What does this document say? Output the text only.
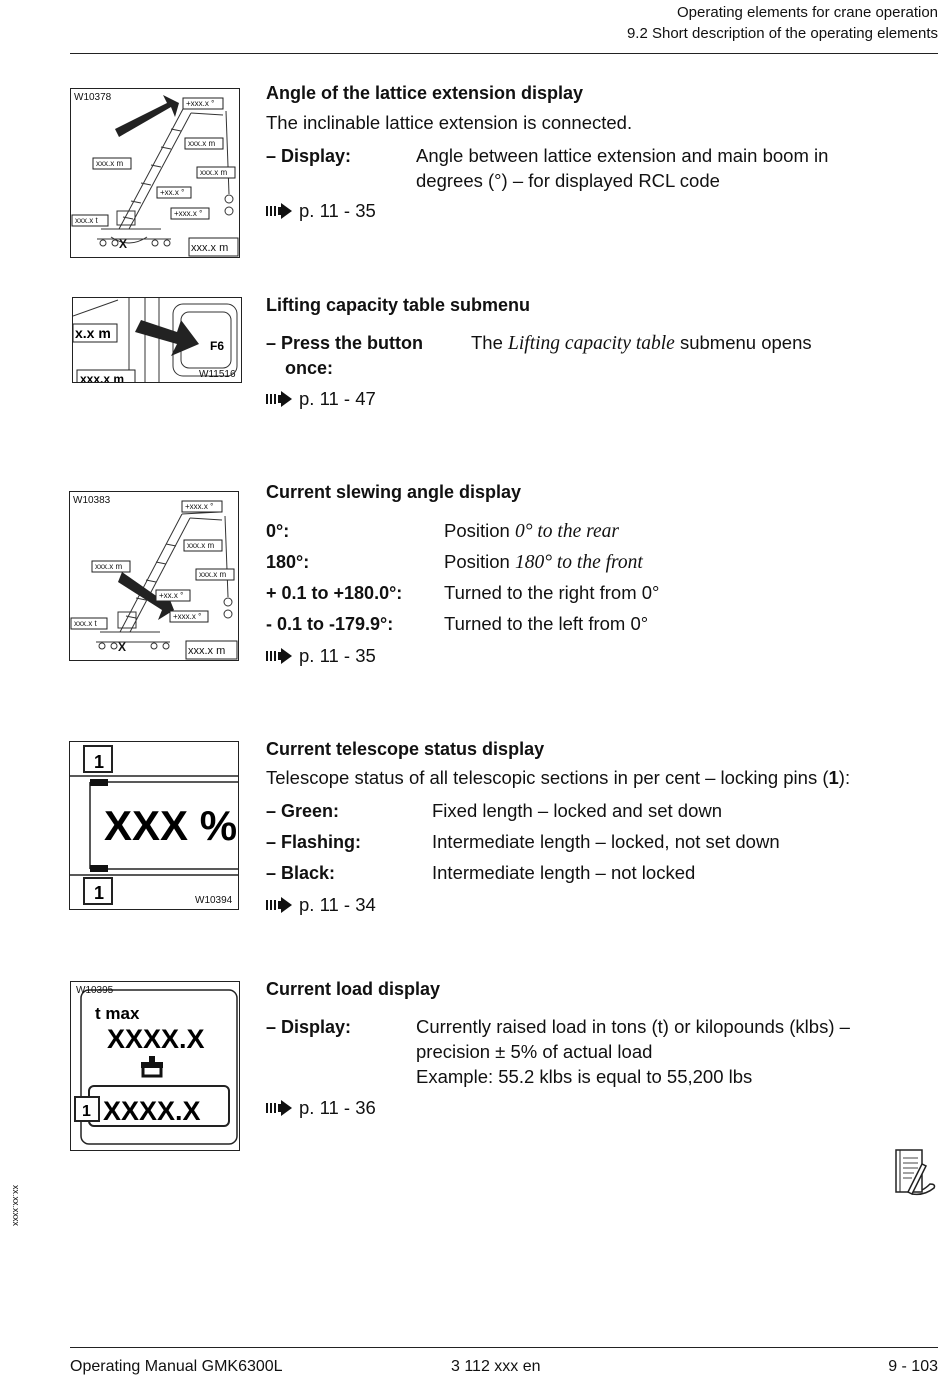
Operating elements for crane operation
9.2 Short description of the operating elements
+xxx.x °
xxx.x m
xxx.x m
xxx.x m
+xx.x °
+xxx.x °
xxx.x t
X	xxx.x m
W10378	Angle of the lattice extension display
The inclinable lattice extension is connected.
– Display:	Angle between lattice extension and main boom in
degrees (°) – for displayed RCL code
p. 11 - 35
x.x m
xxx.x m
F6
W11516
Lifting capacity table submenu
– Press the button
once:
The Lifting capacity table submenu opens
p. 11 - 47
+xxx.x °
xxx.x m
xxx.x m
xxx.x m
+xx.x °
+xxx.x °
xxx.x t
X	xxx.x m
W10383	Current slewing angle display
0°:	Position 0° to the rear
180°:	Position 180° to the front
+ 0.1 to +180.0°: Turned to the right from 0°
- 0.1 to -179.9°:	Turned to the left from 0°
p. 11 - 35
1
1
XXX %
W10394
Current telescope status display
Telescope status of all telescopic sections in per cent – locking pins (1):
– Green:	Fixed length – locked and set down
– Flashing:	Intermediate length – locked, not set down
– Black:	Intermediate length – not locked
p. 11 - 34
t max
XXXX.X
1 XXXX.X
W10395	Current load display
– Display:	Currently raised load in tons (t) or kilopounds (klbs) –
precision ± 5% of actual load
Example: 55.2 klbs is equal to 55,200 lbs
p. 11 - 36
xx.xx.xxxx
Operating Manual GMK6300L	3 112 xxx en	9 - 103
